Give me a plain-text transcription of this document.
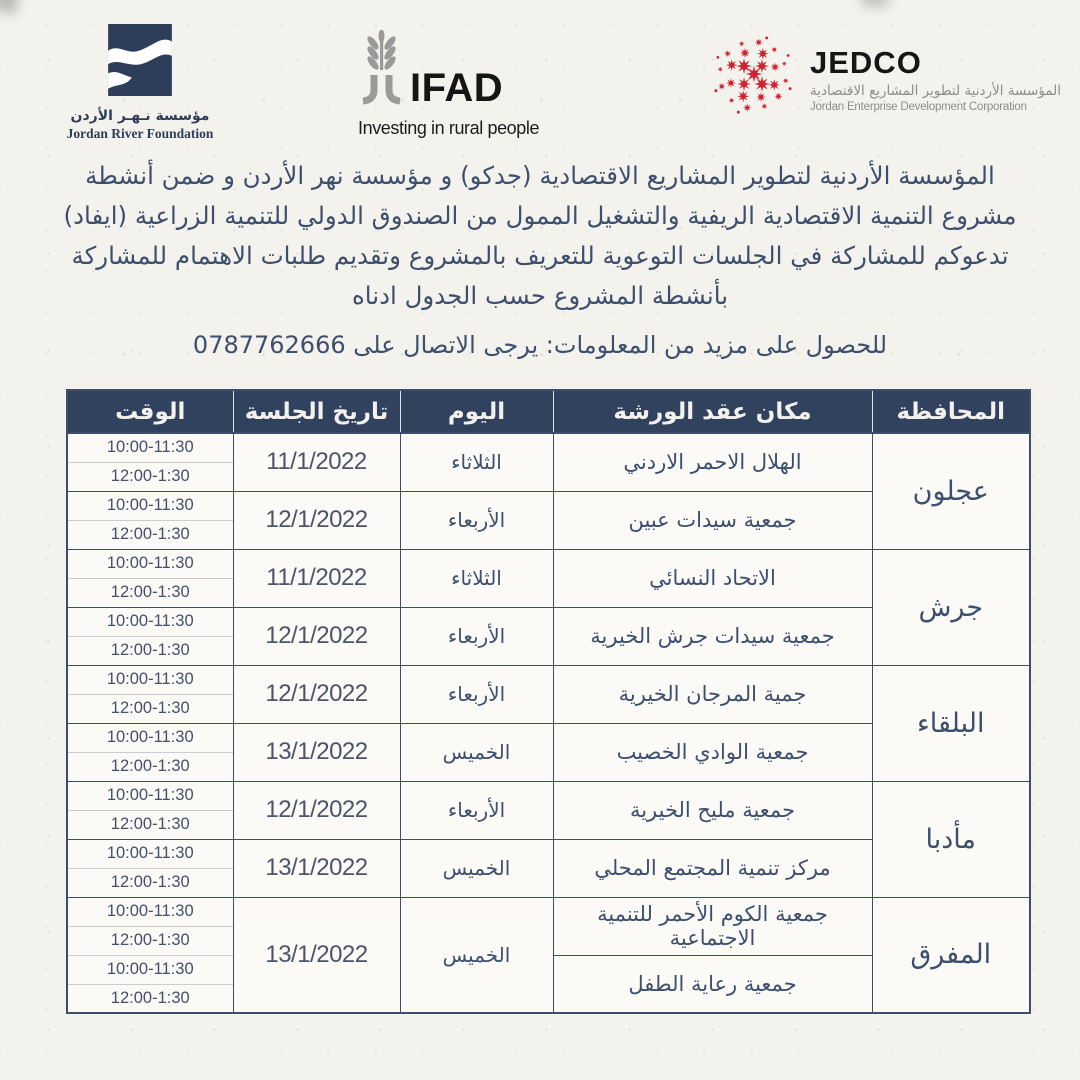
مؤسسة نـهـر الأردن
Jordan River Foundation
IFAD
Investing in rural people
JEDCO
المؤسسة الأردنية لتطوير المشاريع الاقتصادية
Jordan Enterprise Development Corporation
المؤسسة الأردنية لتطوير المشاريع الاقتصادية (جدكو) و مؤسسة نهر الأردن و ضمن أنشطة
مشروع التنمية الاقتصادية الريفية والتشغيل الممول من الصندوق الدولي للتنمية الزراعية (ايفاد)
تدعوكم للمشاركة في الجلسات التوعوية للتعريف بالمشروع وتقديم طلبات الاهتمام للمشاركة
بأنشطة المشروع حسب الجدول ادناه
للحصول على مزيد من المعلومات: يرجى الاتصال على 0787762666
المحافظة	مكان عقد الورشة	اليوم	تاريخ الجلسة	الوقت
عجلون	الهلال الاحمر الاردني	الثلاثاء	11/1/2022	10:00-11:30
				12:00-1:30
	جمعية سيدات عبين	الأربعاء	12/1/2022	10:00-11:30
				12:00-1:30
جرش	الاتحاد النسائي	الثلاثاء	11/1/2022	10:00-11:30
				12:00-1:30
	جمعية سيدات جرش الخيرية	الأربعاء	12/1/2022	10:00-11:30
				12:00-1:30
البلقاء	جمية المرجان الخيرية	الأربعاء	12/1/2022	10:00-11:30
				12:00-1:30
	جمعية الوادي الخصيب	الخميس	13/1/2022	10:00-11:30
				12:00-1:30
مأدبا	جمعية مليح الخيرية	الأربعاء	12/1/2022	10:00-11:30
				12:00-1:30
	مركز تنمية المجتمع المحلي	الخميس	13/1/2022	10:00-11:30
				12:00-1:30
المفرق	جمعية الكوم الأحمر للتنمية الاجتماعية	الخميس	13/1/2022	10:00-11:30
				12:00-1:30
	جمعية رعاية الطفل			10:00-11:30
				12:00-1:30
